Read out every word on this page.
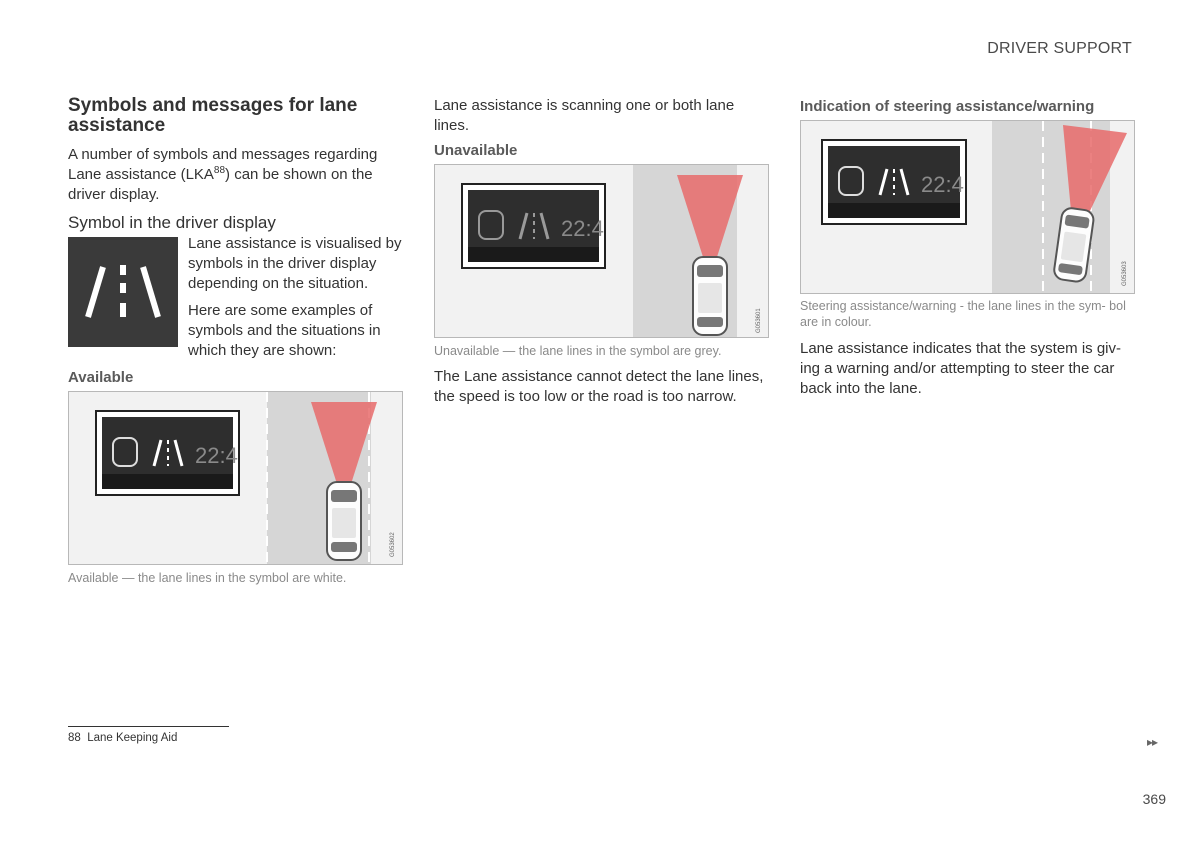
DRIVER SUPPORT
Symbols and messages for lane assistance
A number of symbols and messages regarding Lane assistance (LKA$^{88}$) can be shown on the driver display.
Symbol in the driver display
Lane assistance is visualised by symbols in the driver display depending on the situation.
Here are some examples of symbols and the situations in which they are shown:
Available
G053602
22:4
Available — the lane lines in the symbol are white.
Lane assistance is scanning one or both lane lines.
Unavailable
G053601
22:4
Unavailable — the lane lines in the symbol are grey.
The Lane assistance cannot detect the lane lines, the speed is too low or the road is too narrow.
Indication of steering assistance/warning
G053603
22:4
Steering assistance/warning - the lane lines in the sym- bol are in colour.
Lane assistance indicates that the system is giv- ing a warning and/or attempting to steer the car back into the lane.
88 Lane Keeping Aid	▸▸
369
